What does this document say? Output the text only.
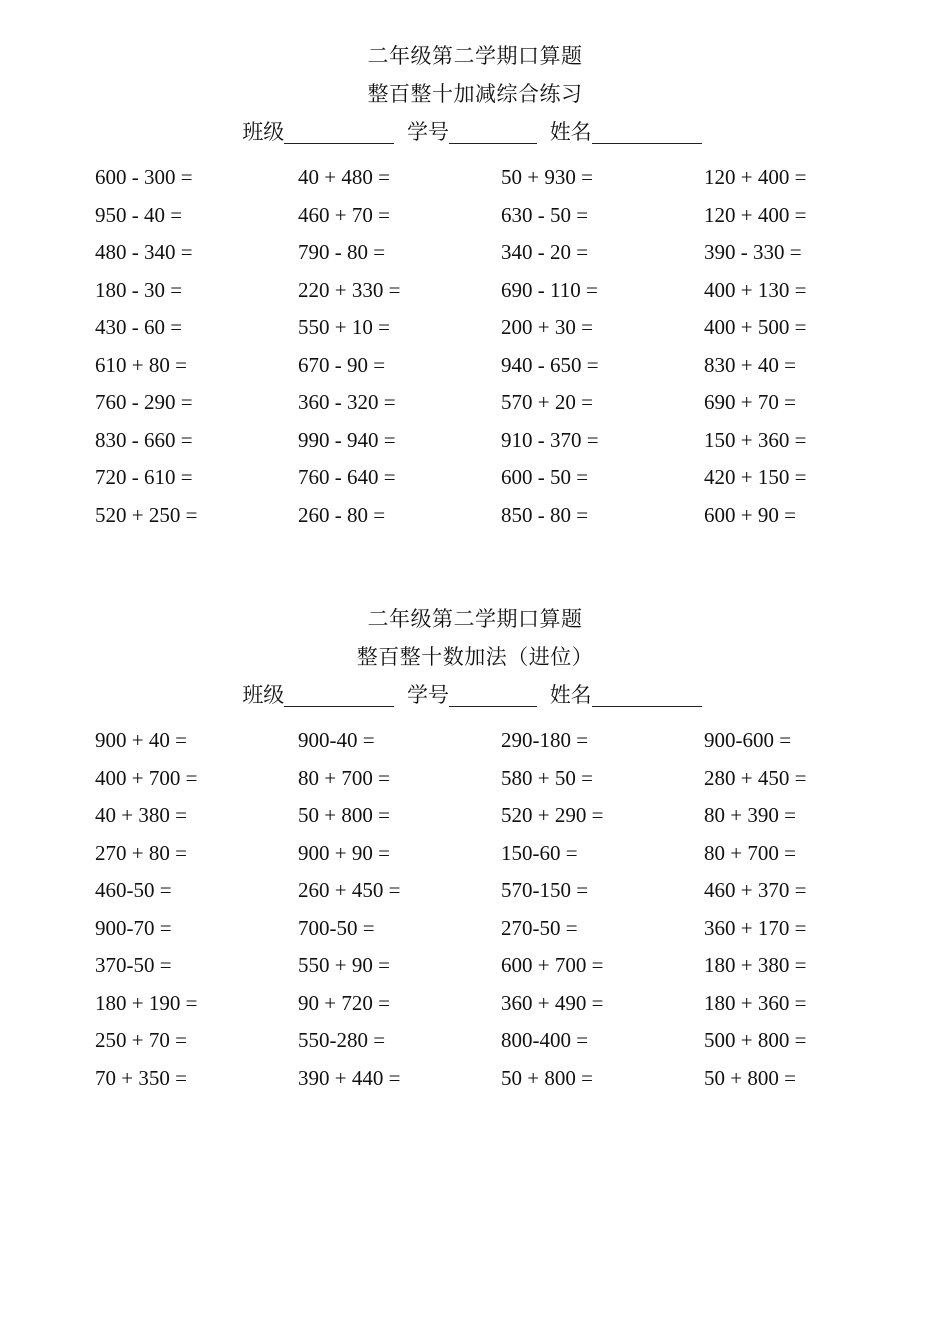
二年级第二学期口算题
整百整十加减综合练习
班级	学号	姓名
600 - 300 =	40 + 480 =	50 + 930 =	120 + 400 =
950 - 40 =	460 + 70 =	630 - 50 =	120 + 400 =
480 - 340 =	790 - 80 =	340 - 20 =	390 - 330 =
180 - 30 =	220 + 330 =	690 - 110 =	400 + 130 =
430 - 60 =	550 + 10 =	200 + 30 =	400 + 500 =
610 + 80 =	670 - 90 =	940 - 650 =	830 + 40 =
760 - 290 =	360 - 320 =	570 + 20 =	690 + 70 =
830 - 660 =	990 - 940 =	910 - 370 =	150 + 360 =
720 - 610 =	760 - 640 =	600 - 50 =	420 + 150 =
520 + 250 =	260 - 80 =	850 - 80 =	600 + 90 =
二年级第二学期口算题
整百整十数加法（进位）
班级	学号	姓名
900 + 40 =	900-40 =	290-180 =	900-600 =
400 + 700 =	80 + 700 =	580 + 50 =	280 + 450 =
40 + 380 =	50 + 800 =	520 + 290 =	80 + 390 =
270 + 80 =	900 + 90 =	150-60 =	80 + 700 =
460-50 =	260 + 450 =	570-150 =	460 + 370 =
900-70 =	700-50 =	270-50 =	360 + 170 =
370-50 =	550 + 90 =	600 + 700 =	180 + 380 =
180 + 190 =	90 + 720 =	360 + 490 =	180 + 360 =
250 + 70 =	550-280 =	800-400 =	500 + 800 =
70 + 350 =	390 + 440 =	50 + 800 =	50 + 800 =
